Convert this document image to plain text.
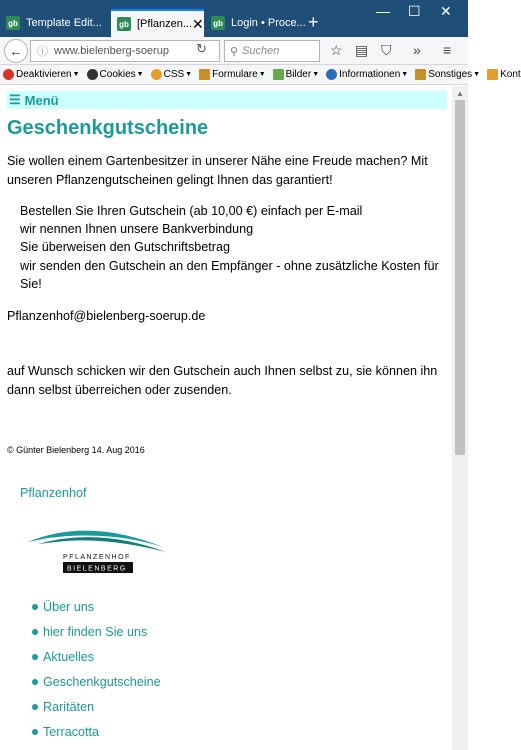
gb Template Edit... gb [Pflanzen... ✕ gb Login • Proce... +
— ☐ ✕
← ⓘ www.bielenberg-soerup ↻ ⚲ Suchen	☆ ▤ ⛉ » ≡
Deaktivieren ▼ Cookies ▼ CSS ▼ Formulare ▼ Bilder ▼ Informationen ▼ Sonstiges ▼ Kont
☰ Menü
Geschenkgutscheine
Sie wollen einem Gartenbesitzer in unserer Nähe eine Freude machen? Mit unseren Pflanzengutscheinen gelingt Ihnen das garantiert!
Bestellen Sie Ihren Gutschein (ab 10,00 €) einfach per E-mail
wir nennen Ihnen unsere Bankverbindung
Sie überweisen den Gutschriftsbetrag
wir senden den Gutschein an den Empfänger - ohne zusätzliche Kosten für Sie!
Pflanzenhof@bielenberg-soerup.de
auf Wunsch schicken wir den Gutschein auch Ihnen selbst zu, sie können ihn dann selbst überreichen oder zusenden.
© Günter Bielenberg 14. Aug 2016
Pflanzenhof
PFLANZENHOF
BIELENBERG
Über uns
hier finden Sie uns
Aktuelles
Geschenkgutscheine
Raritäten
Terracotta
▲
